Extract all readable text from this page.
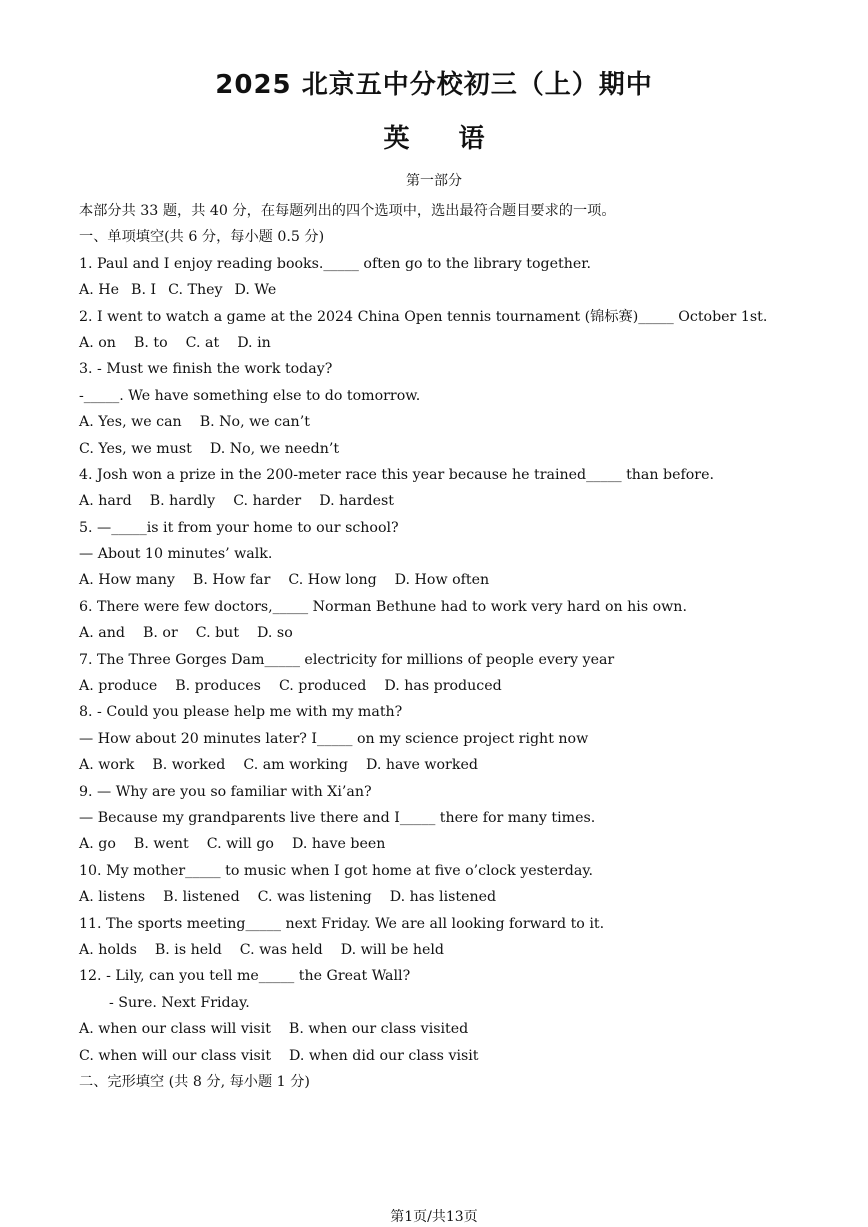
2025 北京五中分校初三（上）期中
英 语
第一部分
本部分共 33 题，共 40 分，在每题列出的四个选项中，选出最符合题目要求的一项。
一、单项填空(共 6 分，每小题 0.5 分)
1. Paul and I enjoy reading books._____ often go to the library together.
A. He B. I C. They D. We
2. I went to watch a game at the 2024 China Open tennis tournament (锦标赛)_____ October 1st.
A. on B. to C. at D. in
3. - Must we finish the work today?
-_____. We have something else to do tomorrow.
A. Yes, we can B. No, we can’t
C. Yes, we must D. No, we needn’t
4. Josh won a prize in the 200-meter race this year because he trained_____ than before.
A. hard B. hardly C. harder D. hardest
5. —_____is it from your home to our school?
— About 10 minutes’ walk.
A. How many B. How far C. How long D. How often
6. There were few doctors,_____ Norman Bethune had to work very hard on his own.
A. and B. or C. but D. so
7. The Three Gorges Dam_____ electricity for millions of people every year
A. produce B. produces C. produced D. has produced
8. - Could you please help me with my math?
— How about 20 minutes later? I_____ on my science project right now
A. work B. worked C. am working D. have worked
9. — Why are you so familiar with Xi’an?
— Because my grandparents live there and I_____ there for many times.
A. go B. went C. will go D. have been
10. My mother_____ to music when I got home at five o’clock yesterday.
A. listens B. listened C. was listening D. has listened
11. The sports meeting_____ next Friday. We are all looking forward to it.
A. holds B. is held C. was held D. will be held
12. - Lily, can you tell me_____ the Great Wall?
- Sure. Next Friday.
A. when our class will visit B. when our class visited
C. when will our class visit D. when did our class visit
二、完形填空 (共 8 分, 每小题 1 分)
第1页/共13页
